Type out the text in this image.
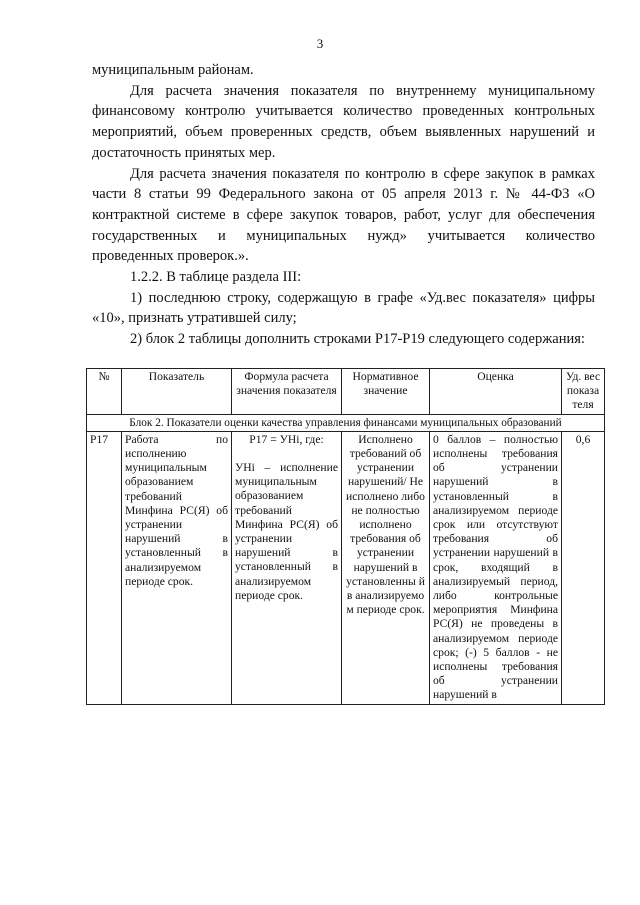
3

муниципальным районам.

Для расчета значения показателя по внутреннему муниципальному финансовому контролю учитывается количество проведенных контрольных мероприятий, объем проверенных средств, объем выявленных нарушений и достаточность принятых мер.

Для расчета значения показателя по контролю в сфере закупок в рамках части 8 статьи 99 Федерального закона от 05 апреля 2013 г. № 44-ФЗ «О контрактной системе в сфере закупок товаров, работ, услуг для обеспечения государственных и муниципальных нужд» учитывается количество проведенных проверок.».

1.2.2. В таблице раздела III:

1) последнюю строку, содержащую в графе «Уд.вес показателя» цифры «10», признать утратившей силу;

2) блок 2 таблицы дополнить строками Р17-Р19 следующего содержания:

№	Показатель	Формула расчета значения показателя	Нормативное значение	Оценка	Уд. вес показа теля
Блок 2. Показатели оценки качества управления финансами муниципальных образований					
Р17	Работа по исполнению муниципальным образованием требований Минфина РС(Я) об устранении нарушений в установленный в анализируемом периоде срок.	Р17 = УНi, где:
УНi – исполнение муниципальным образованием требований Минфина РС(Я) об устранении нарушений в установленный в анализируемом периоде срок.	Исполнено требований об устранении нарушений/ Не исполнено либо не полностью исполнено требования об устранении нарушений в установленны й в анализируемо м периоде срок.	0 баллов – полностью исполнены требования об устранении нарушений в установленный в анализируемом периоде срок или отсутствуют требования об устранении нарушений в срок, входящий в анализируемый период, либо контрольные мероприятия Минфина РС(Я) не проведены в анализируемом периоде срок; (-) 5 баллов - не исполнены требования об устранении нарушений в	0,6
